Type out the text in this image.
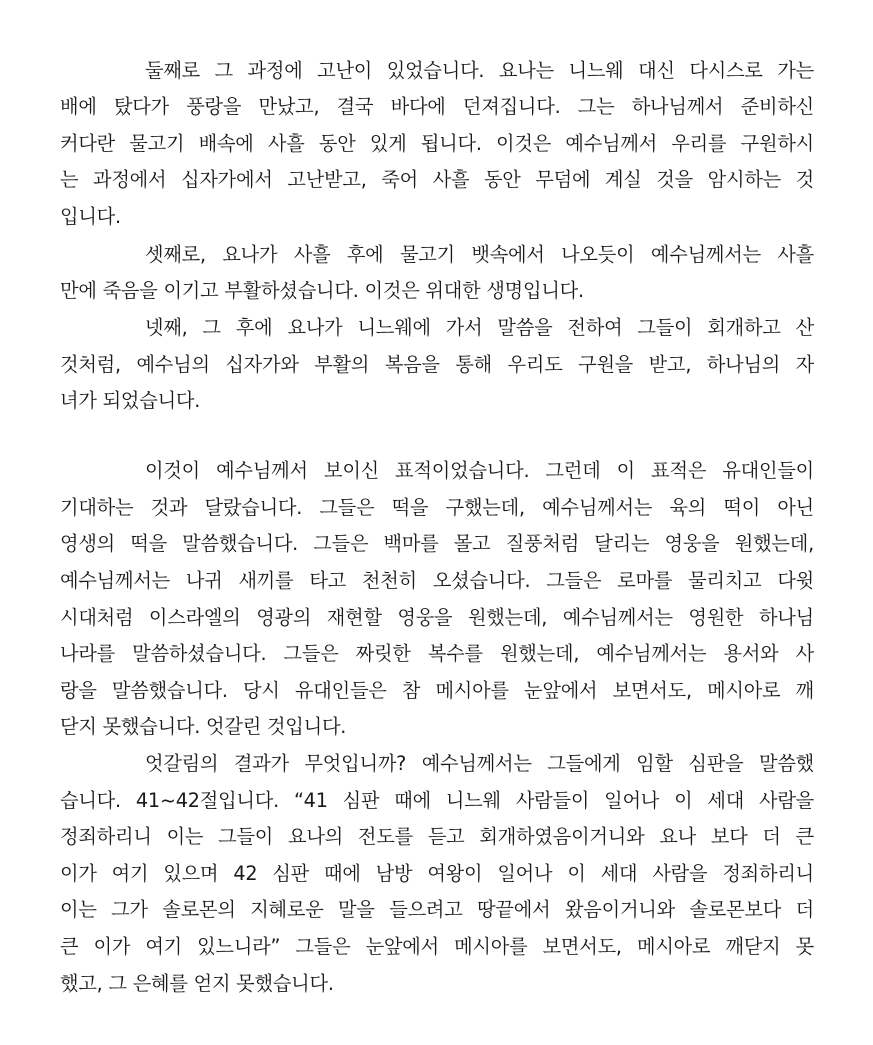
둘째로 그 과정에 고난이 있었습니다. 요나는 니느웨 대신 다시스로 가는
배에 탔다가 풍랑을 만났고, 결국 바다에 던져집니다. 그는 하나님께서 준비하신
커다란 물고기 배속에 사흘 동안 있게 됩니다. 이것은 예수님께서 우리를 구원하시
는 과정에서 십자가에서 고난받고, 죽어 사흘 동안 무덤에 계실 것을 암시하는 것
입니다.
셋째로, 요나가 사흘 후에 물고기 뱃속에서 나오듯이 예수님께서는 사흘
만에 죽음을 이기고 부활하셨습니다. 이것은 위대한 생명입니다.
넷째, 그 후에 요나가 니느웨에 가서 말씀을 전하여 그들이 회개하고 산
것처럼, 예수님의 십자가와 부활의 복음을 통해 우리도 구원을 받고, 하나님의 자
녀가 되었습니다.
이것이 예수님께서 보이신 표적이었습니다. 그런데 이 표적은 유대인들이
기대하는 것과 달랐습니다. 그들은 떡을 구했는데, 예수님께서는 육의 떡이 아닌
영생의 떡을 말씀했습니다. 그들은 백마를 몰고 질풍처럼 달리는 영웅을 원했는데,
예수님께서는 나귀 새끼를 타고 천천히 오셨습니다. 그들은 로마를 물리치고 다윗
시대처럼 이스라엘의 영광의 재현할 영웅을 원했는데, 예수님께서는 영원한 하나님
나라를 말씀하셨습니다. 그들은 짜릿한 복수를 원했는데, 예수님께서는 용서와 사
랑을 말씀했습니다. 당시 유대인들은 참 메시아를 눈앞에서 보면서도, 메시아로 깨
닫지 못했습니다. 엇갈린 것입니다.
엇갈림의 결과가 무엇입니까? 예수님께서는 그들에게 임할 심판을 말씀했
습니다. 41~42절입니다. “41 심판 때에 니느웨 사람들이 일어나 이 세대 사람을
정죄하리니 이는 그들이 요나의 전도를 듣고 회개하였음이거니와 요나 보다 더 큰
이가 여기 있으며 42 심판 때에 남방 여왕이 일어나 이 세대 사람을 정죄하리니
이는 그가 솔로몬의 지혜로운 말을 들으려고 땅끝에서 왔음이거니와 솔로몬보다 더
큰 이가 여기 있느니라” 그들은 눈앞에서 메시아를 보면서도, 메시아로 깨닫지 못
했고, 그 은혜를 얻지 못했습니다.
